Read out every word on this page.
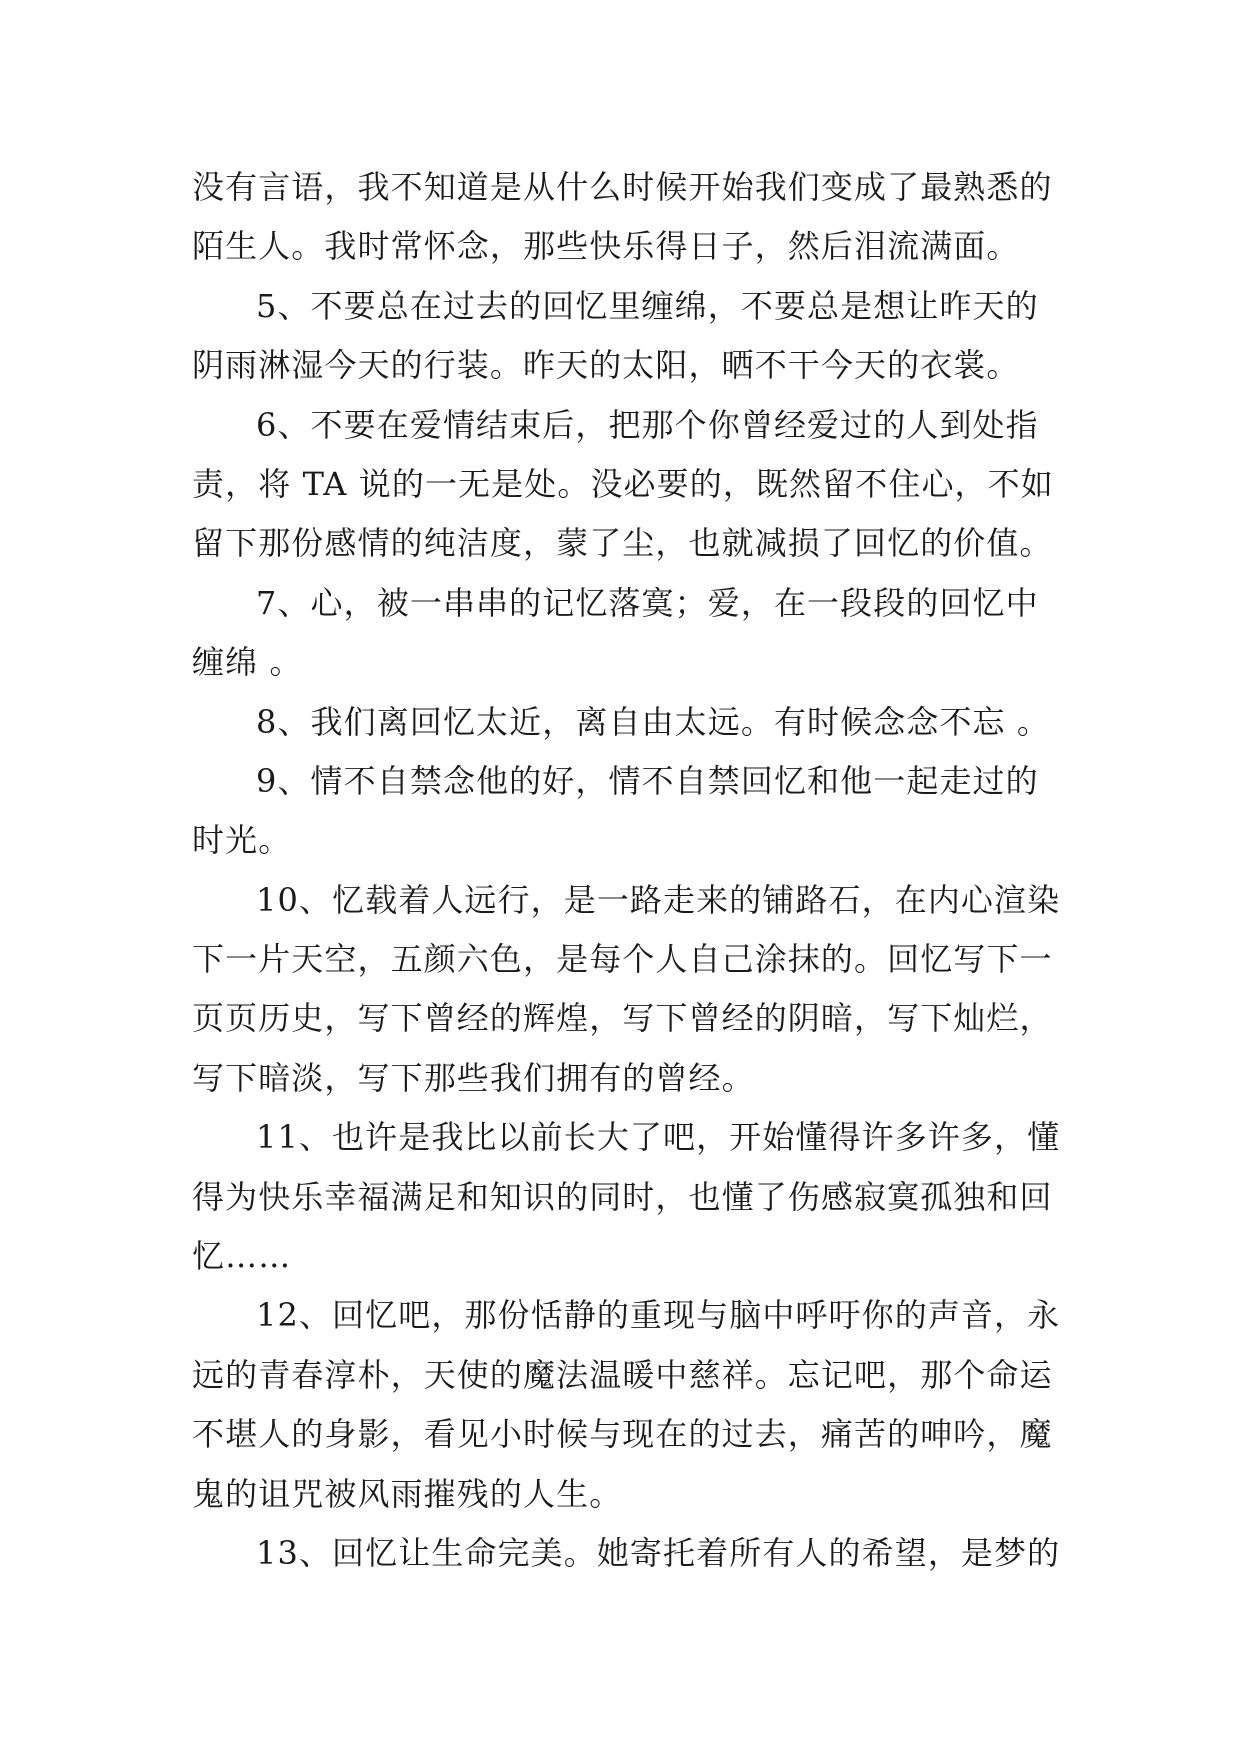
没有言语，我不知道是从什么时候开始我们变成了最熟悉的
陌生人。我时常怀念，那些快乐得日子，然后泪流满面。
5、不要总在过去的回忆里缠绵，不要总是想让昨天的
阴雨淋湿今天的行装。昨天的太阳，晒不干今天的衣裳。
6、不要在爱情结束后，把那个你曾经爱过的人到处指
责，将 TA 说的一无是处。没必要的，既然留不住心，不如
留下那份感情的纯洁度，蒙了尘，也就减损了回忆的价值。
7、心，被一串串的记忆落寞；爱，在一段段的回忆中
缠绵 。
8、我们离回忆太近，离自由太远。有时候念念不忘 。
9、情不自禁念他的好，情不自禁回忆和他一起走过的
时光。
10、忆载着人远行，是一路走来的铺路石，在内心渲染
下一片天空，五颜六色，是每个人自己涂抹的。回忆写下一
页页历史，写下曾经的辉煌，写下曾经的阴暗，写下灿烂，
写下暗淡，写下那些我们拥有的曾经。
11、也许是我比以前长大了吧，开始懂得许多许多，懂
得为快乐幸福满足和知识的同时，也懂了伤感寂寞孤独和回
忆……
12、回忆吧，那份恬静的重现与脑中呼吁你的声音，永
远的青春淳朴，天使的魔法温暖中慈祥。忘记吧，那个命运
不堪人的身影，看见小时候与现在的过去，痛苦的呻吟，魔
鬼的诅咒被风雨摧残的人生。
13、回忆让生命完美。她寄托着所有人的希望，是梦的
